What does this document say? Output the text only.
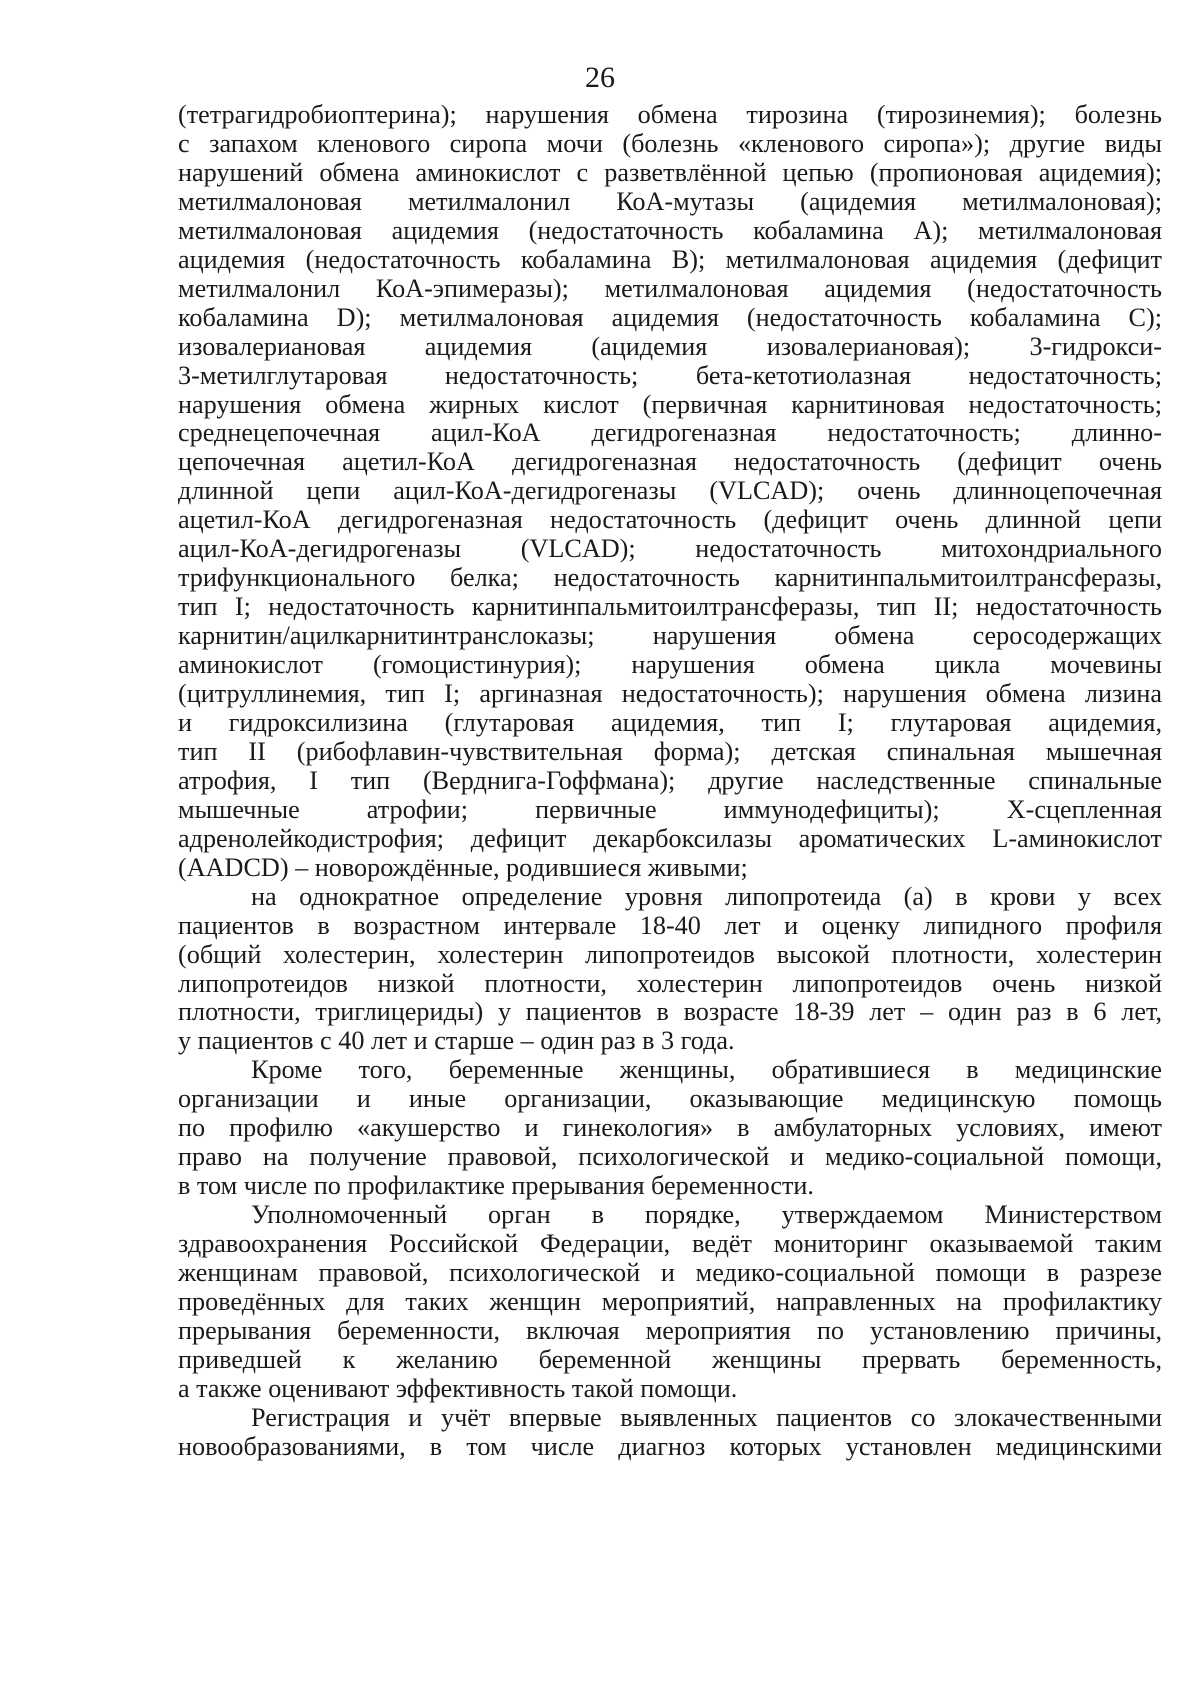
26
(тетрагидробиоптерина); нарушения обмена тирозина (тирозинемия); болезнь
с запахом кленового сиропа мочи (болезнь «кленового сиропа»); другие виды
нарушений обмена аминокислот с разветвлённой цепью (пропионовая ацидемия);
метилмалоновая метилмалонил КоА-мутазы (ацидемия метилмалоновая);
метилмалоновая ацидемия (недостаточность кобаламина А); метилмалоновая
ацидемия (недостаточность кобаламина В); метилмалоновая ацидемия (дефицит
метилмалонил КоА-эпимеразы); метилмалоновая ацидемия (недостаточность
кобаламина D); метилмалоновая ацидемия (недостаточность кобаламина С);
изовалериановая ацидемия (ацидемия изовалериановая); 3-гидрокси-
3-метилглутаровая недостаточность; бета-кетотиолазная недостаточность;
нарушения обмена жирных кислот (первичная карнитиновая недостаточность;
среднецепочечная ацил-КоА дегидрогеназная недостаточность; длинно-
цепочечная ацетил-КоА дегидрогеназная недостаточность (дефицит очень
длинной цепи ацил-КоА-дегидрогеназы (VLCAD); очень длинноцепочечная
ацетил-КоА дегидрогеназная недостаточность (дефицит очень длинной цепи
ацил-КоА-дегидрогеназы (VLCAD); недостаточность митохондриального
трифункционального белка; недостаточность карнитинпальмитоилтрансферазы,
тип I; недостаточность карнитинпальмитоилтрансферазы, тип II; недостаточность
карнитин/ацилкарнитинтранслоказы; нарушения обмена серосодержащих
аминокислот (гомоцистинурия); нарушения обмена цикла мочевины
(цитруллинемия, тип I; аргиназная недостаточность); нарушения обмена лизина
и гидроксилизина (глутаровая ацидемия, тип I; глутаровая ацидемия,
тип II (рибофлавин-чувствительная форма); детская спинальная мышечная
атрофия, I тип (Верднига-Гоффмана); другие наследственные спинальные
мышечные атрофии; первичные иммунодефициты); Х-сцепленная
адренолейкодистрофия; дефицит декарбоксилазы ароматических L-аминокислот
(AADCD) – новорождённые, родившиеся живыми;
на однократное определение уровня липопротеида (а) в крови у всех
пациентов в возрастном интервале 18-40 лет и оценку липидного профиля
(общий холестерин, холестерин липопротеидов высокой плотности, холестерин
липопротеидов низкой плотности, холестерин липопротеидов очень низкой
плотности, триглицериды) у пациентов в возрасте 18-39 лет – один раз в 6 лет,
у пациентов с 40 лет и старше – один раз в 3 года.
Кроме того, беременные женщины, обратившиеся в медицинские
организации и иные организации, оказывающие медицинскую помощь
по профилю «акушерство и гинекология» в амбулаторных условиях, имеют
право на получение правовой, психологической и медико-социальной помощи,
в том числе по профилактике прерывания беременности.
Уполномоченный орган в порядке, утверждаемом Министерством
здравоохранения Российской Федерации, ведёт мониторинг оказываемой таким
женщинам правовой, психологической и медико-социальной помощи в разрезе
проведённых для таких женщин мероприятий, направленных на профилактику
прерывания беременности, включая мероприятия по установлению причины,
приведшей к желанию беременной женщины прервать беременность,
а также оценивают эффективность такой помощи.
Регистрация и учёт впервые выявленных пациентов со злокачественными
новообразованиями, в том числе диагноз которых установлен медицинскими
